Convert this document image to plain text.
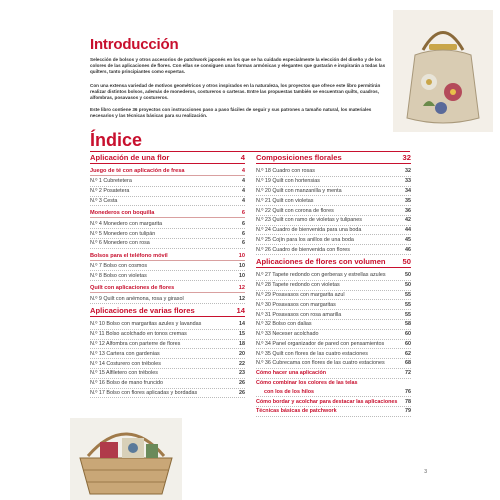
Introducción
Selección de bolsos y otros accesorios de patchwork japonés en los que se ha cuidado especialmente la elección del diseño y de los colores de las aplicaciones de flores. Con ellas se consiguen unas formas armónicas y elegantes que gustarán e inspirarán a todas las quilters, tanto principiantes como expertas.
Con una extensa variedad de motivos geométricos y otros inspirados en la naturaleza, los proyectos que ofrece este libro permitirán realizar distintos bolsos, además de monederos, costureros o carteras. Entre las propuestas también se encuentran quilts, cuadros, alfombras, posavasos y costureros.
Este libro contiene 36 proyectos con instrucciones paso a paso fáciles de seguir y sus patrones a tamaño natural, los materiales necesarios y las técnicas básicas para su realización.
Índice
Aplicación de una flor	4
Juego de té con aplicación de fresa	4
N.º 1 Cubretetera	4
N.º 2 Posatetera	4
N.º 3 Cesta	4
Monederos con boquilla	6
N.º 4 Monedero con margarita	6
N.º 5 Monedero con tulipán	6
N.º 6 Monedero con rosa	6
Bolsos para el teléfono móvil	10
N.º 7 Bolso con cosmos	10
N.º 8 Bolso con violetas	10
Quilt con aplicaciones de flores	12
N.º 9 Quilt con anémona, rosa y girasol	12
Aplicaciones de varias flores	14
N.º 10 Bolso con margaritas azules y lavandas	14
N.º 11 Bolso acolchado en tonos cremas	15
N.º 12 Alfombra con parterre de flores	18
N.º 13 Cartera con gardenias	20
N.º 14 Costurero con tréboles	22
N.º 15 Alfiletero con tréboles	23
N.º 16 Bolso de mano fruncido	26
N.º 17 Bolso con flores aplicadas y bordadas	26
Composiciones florales	32
N.º 18 Cuadro con rosas	32
N.º 19 Quilt con hortensias	33
N.º 20 Quilt con manzanilla y menta	34
N.º 21 Quilt con violetas	35
N.º 22 Quilt con corona de flores	36
N.º 23 Quilt con ramo de violetas y tulipanes	42
N.º 24 Cuadro de bienvenida para una boda	44
N.º 25 Cojín para los anillos de una boda	45
N.º 26 Cuadro de bienvenida con flores	46
Aplicaciones de flores con volumen 50
N.º 27 Tapete redondo con gerberas y estrellas azules	50
N.º 28 Tapete redondo con violetas	50
N.º 29 Posavasos con margarita azul	55
N.º 30 Posavasos con margaritas	55
N.º 31 Posavasos con rosa amarilla	55
N.º 32 Bolso con dalias	58
N.º 33 Neceser acolchado	60
N.º 34 Panel organizador de pared con pensamientos	60
N.º 35 Quilt con flores de las cuatro estaciones	62
N.º 36 Cubrecama con flores de las cuatro estaciones	68
Cómo hacer una aplicación	72
Cómo combinar los colores de las telas
con los de los hilos	76
Cómo bordar y acolchar para destacar las aplicaciones 78
Técnicas básicas de patchwork	79
3
